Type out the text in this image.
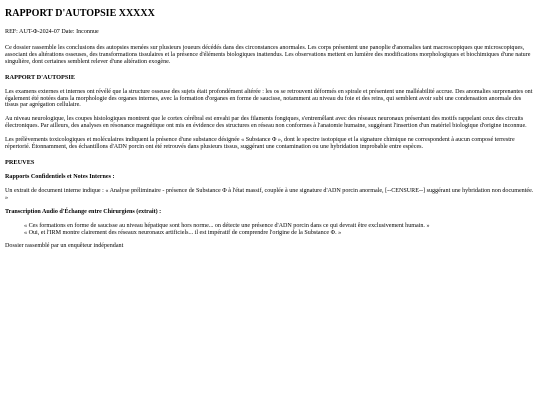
RAPPORT D'AUTOPSIE XXXXX

REF: AUT-Φ-2024-07 Date: Inconnue

Ce dossier rassemble les conclusions des autopsies menées sur plusieurs joueurs décédés dans des circonstances anormales. Les corps présentent une panoplie d'anomalies tant macroscopiques que microscopiques, associant des altérations osseuses, des transformations tissulaires et la présence d'éléments biologiques inattendus. Les observations mettent en lumière des modifications morphologiques et biochimiques d'une nature singulière, dont certaines semblent relever d'une altération exogène.

RAPPORT D'AUTOPSIE

Les examens externes et internes ont révélé que la structure osseuse des sujets était profondément altérée : les os se retrouvent déformés en spirale et présentent une malléabilité accrue. Des anomalies surprenantes ont également été notées dans la morphologie des organes internes, avec la formation d'organes en forme de saucisse, notamment au niveau du foie et des reins, qui semblent avoir subi une condensation anormale des tissus par agrégation cellulaire.

Au niveau neurologique, les coupes histologiques montrent que le cortex cérébral est envahi par des filaments fongiques, s'entremêlant avec des réseaux neuronaux présentant des motifs rappelant ceux des circuits électroniques. Par ailleurs, des analyses en résonance magnétique ont mis en évidence des structures en réseau non conformes à l'anatomie humaine, suggérant l'insertion d'un matériel biologique d'origine inconnue.

Les prélèvements toxicologiques et moléculaires indiquent la présence d'une substance désignée « Substance Φ », dont le spectre isotopique et la signature chimique ne correspondent à aucun composé terrestre répertorié. Étonnamment, des échantillons d'ADN porcin ont été retrouvés dans plusieurs tissus, suggérant une contamination ou une hybridation improbable entre espèces.

PREUVES

Rapports Confidentiels et Notes Internes :

Un extrait de document interne indique : « Analyse préliminaire - présence de Substance Φ à l'état massif, couplée à une signature d'ADN porcin anormale, [--CENSURE--] suggérant une hybridation non documentée. »

Transcription Audio d'Échange entre Chirurgiens (extrait) :

« Ces formations en forme de saucisse au niveau hépatique sont hors norme... on détecte une présence d'ADN porcin dans ce qui devrait être exclusivement humain. »

« Oui, et l'IRM montre clairement des réseaux neuronaux artificiels... il est impératif de comprendre l'origine de la Substance Φ. »

Dossier rassemblé par un enquêteur indépendant
